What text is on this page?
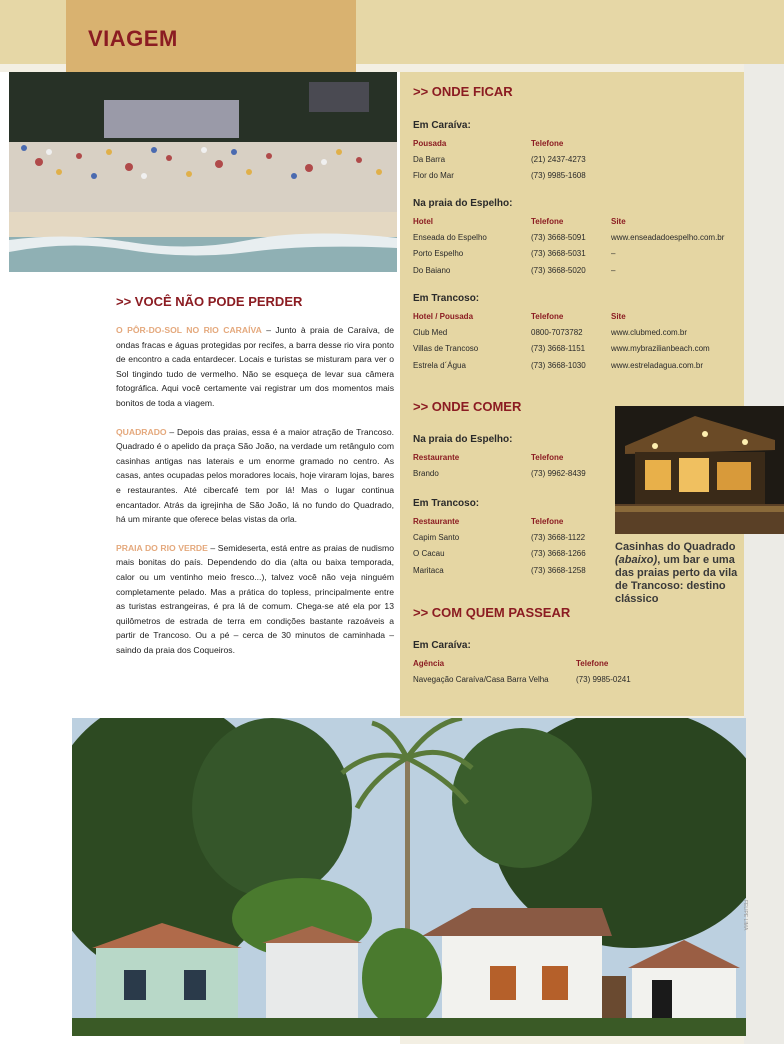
VIAGEM
>> VOCÊ NÃO PODE PERDER

O PÔR-DO-SOL NO RIO CARAÍVA – Junto à praia de Caraíva, de ondas fracas e águas protegidas por recifes, a barra desse rio vira ponto de encontro a cada entardecer. Locais e turistas se misturam para ver o Sol tingindo tudo de vermelho. Não se esqueça de levar sua câmera fotográfica. Aqui você certamente vai registrar um dos momentos mais bonitos de toda a viagem.

QUADRADO – Depois das praias, essa é a maior atração de Trancoso. Quadrado é o apelido da praça São João, na verdade um retângulo com casinhas antigas nas laterais e um enorme gramado no centro. As casas, antes ocupadas pelos moradores locais, hoje viraram lojas, bares e restaurantes. Até cibercafé tem por lá! Mas o lugar continua encantador. Atrás da igrejinha de São João, lá no fundo do Quadrado, há um mirante que oferece belas vistas da orla.

PRAIA DO RIO VERDE – Semideserta, está entre as praias de nudismo mais bonitas do país. Dependendo do dia (alta ou baixa temporada, calor ou um ventinho meio fresco...), talvez você não veja ninguém completamente pelado. Mas a prática do topless, principalmente entre as turistas estrangeiras, é pra lá de comum. Chega-se até ela por 13 quilômetros de estrada de terra em condições bastante razoáveis a partir de Trancoso. Ou a pé – cerca de 30 minutos de caminhada – saindo da praia dos Coqueiros.

>> ONDE FICAR
Em Caraíva:
Pousada	Telefone
Da Barra	(21) 2437-4273
Flor do Mar	(73) 9985-1608
Na praia do Espelho:
Hotel	Telefone	Site
Enseada do Espelho	(73) 3668-5091	www.enseadadoespelho.com.br
Porto Espelho	(73) 3668-5031	–
Do Baiano	(73) 3668-5020	–
Em Trancoso:
Hotel / Pousada	Telefone	Site
Club Med	0800-7073782	www.clubmed.com.br
Villas de Trancoso	(73) 3668-1151	www.mybrazilianbeach.com
Estrela d´Água	(73) 3668-1030	www.estreladagua.com.br
>> ONDE COMER
Na praia do Espelho:
Restaurante	Telefone
Brando	(73) 9962-8439
Em Trancoso:
Restaurante	Telefone
Capim Santo	(73) 3668-1122
O Cacau	(73) 3668-1266
Maritaca	(73) 3668-1258
>> COM QUEM PASSEAR
Em Caraíva:
Agência	Telefone
Navegação Caraíva/Casa Barra Velha	(73) 9985-0241
Casinhas do Quadrado (abaixo), um bar e uma das praias perto da vila de Trancoso: destino clássico
FELIPE LIMA
